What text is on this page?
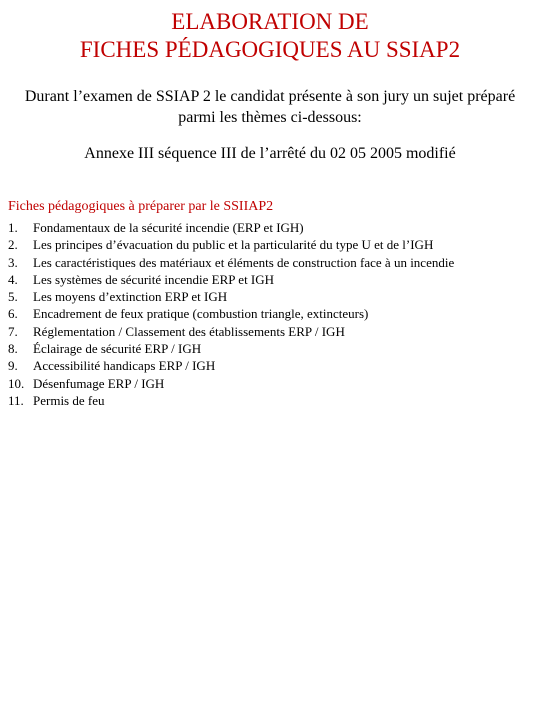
ELABORATION DE
FICHES PÉDAGOGIQUES AU SSIAP2
Durant l’examen de SSIAP 2 le candidat présente à son jury un sujet préparé parmi les thèmes ci-dessous:
Annexe III séquence III de l’arrêté du 02 05 2005 modifié
Fiches pédagogiques à préparer par le SSIIAP2
1.	Fondamentaux de la sécurité incendie (ERP et IGH)
2.	Les principes d’évacuation du public et la particularité du type U et de l’IGH
3.	Les caractéristiques des matériaux et éléments de construction face à un incendie
4.	Les systèmes de sécurité incendie ERP et IGH
5.	Les moyens d’extinction ERP et IGH
6.	Encadrement de feux pratique (combustion triangle, extincteurs)
7.	Réglementation / Classement des établissements ERP / IGH
8.	Éclairage de sécurité ERP / IGH
9.	Accessibilité handicaps ERP / IGH
10. Désenfumage ERP / IGH
11. Permis de feu
